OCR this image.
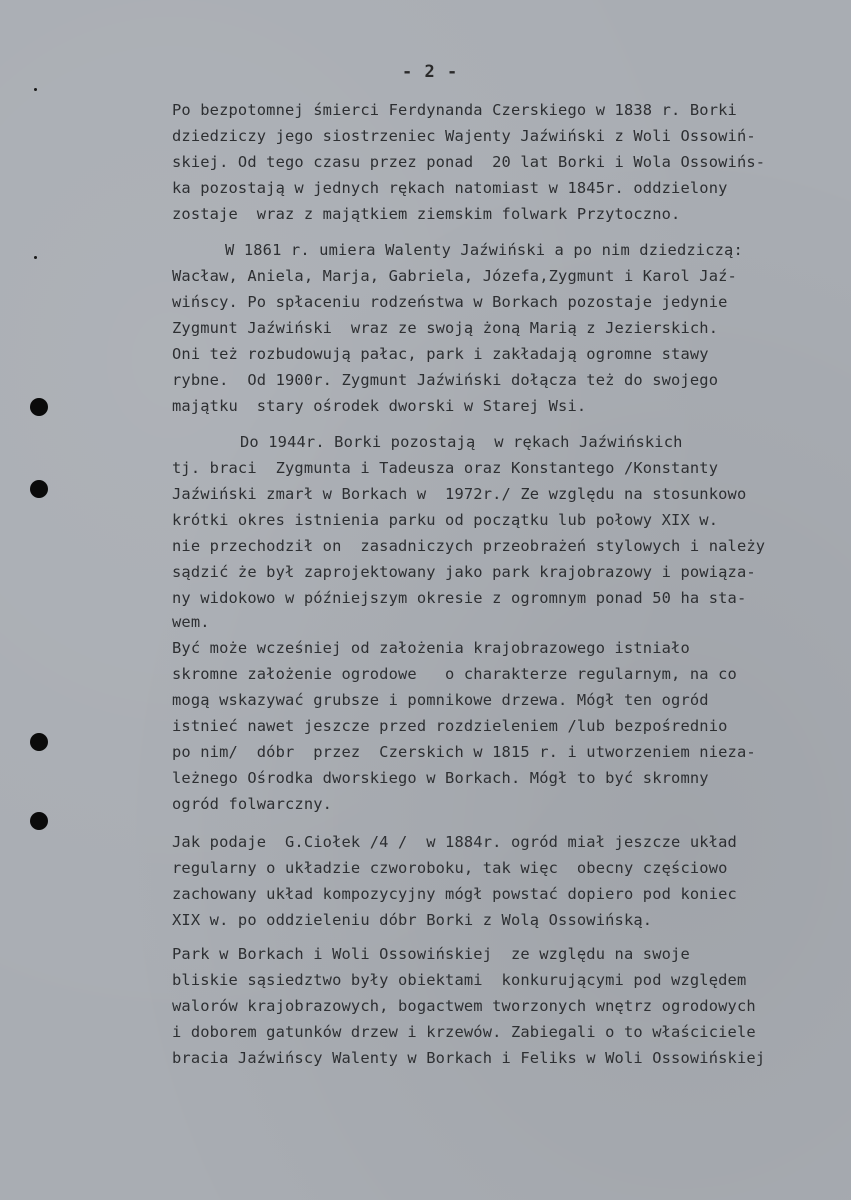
- 2 -
Po bezpotomnej śmierci Ferdynanda Czerskiego w 1838 r. Borki
dziedziczy jego siostrzeniec Wajenty Jaźwiński z Woli Ossowiń-
skiej. Od tego czasu przez ponad  20 lat Borki i Wola Ossowińs-
ka pozostają w jednych rękach natomiast w 1845r. oddzielony
zostaje  wraz z majątkiem ziemskim folwark Przytoczno.
W 1861 r. umiera Walenty Jaźwiński a po nim dziedziczą:
Wacław, Aniela, Marja, Gabriela, Józefa,Zygmunt i Karol Jaź-
wińscy. Po spłaceniu rodzeństwa w Borkach pozostaje jedynie
Zygmunt Jaźwiński  wraz ze swoją żoną Marią z Jezierskich.
Oni też rozbudowują pałac, park i zakładają ogromne stawy
rybne.  Od 1900r. Zygmunt Jaźwiński dołącza też do swojego
majątku  stary ośrodek dworski w Starej Wsi.
Do 1944r. Borki pozostają  w rękach Jaźwińskich
tj. braci  Zygmunta i Tadeusza oraz Konstantego /Konstanty
Jaźwiński zmarł w Borkach w  1972r./ Ze względu na stosunkowo
krótki okres istnienia parku od początku lub połowy XIX w.
nie przechodził on  zasadniczych przeobrażeń stylowych i należy
sądzić że był zaprojektowany jako park krajobrazowy i powiąza-
ny widokowo w późniejszym okresie z ogromnym ponad 50 ha sta-
wem.
Być może wcześniej od założenia krajobrazowego istniało
skromne założenie ogrodowe   o charakterze regularnym, na co
mogą wskazywać grubsze i pomnikowe drzewa. Mógł ten ogród
istnieć nawet jeszcze przed rozdzieleniem /lub bezpośrednio
po nim/  dóbr  przez  Czerskich w 1815 r. i utworzeniem nieza-
leżnego Ośrodka dworskiego w Borkach. Mógł to być skromny
ogród folwarczny.
Jak podaje  G.Ciołek /4 /  w 1884r. ogród miał jeszcze układ
regularny o układzie czworoboku, tak więc  obecny częściowo
zachowany układ kompozycyjny mógł powstać dopiero pod koniec
XIX w. po oddzieleniu dóbr Borki z Wolą Ossowińską.
Park w Borkach i Woli Ossowińskiej  ze względu na swoje
bliskie sąsiedztwo były obiektami  konkurującymi pod względem
walorów krajobrazowych, bogactwem tworzonych wnętrz ogrodowych
i doborem gatunków drzew i krzewów. Zabiegali o to właściciele
bracia Jaźwińscy Walenty w Borkach i Feliks w Woli Ossowińskiej
